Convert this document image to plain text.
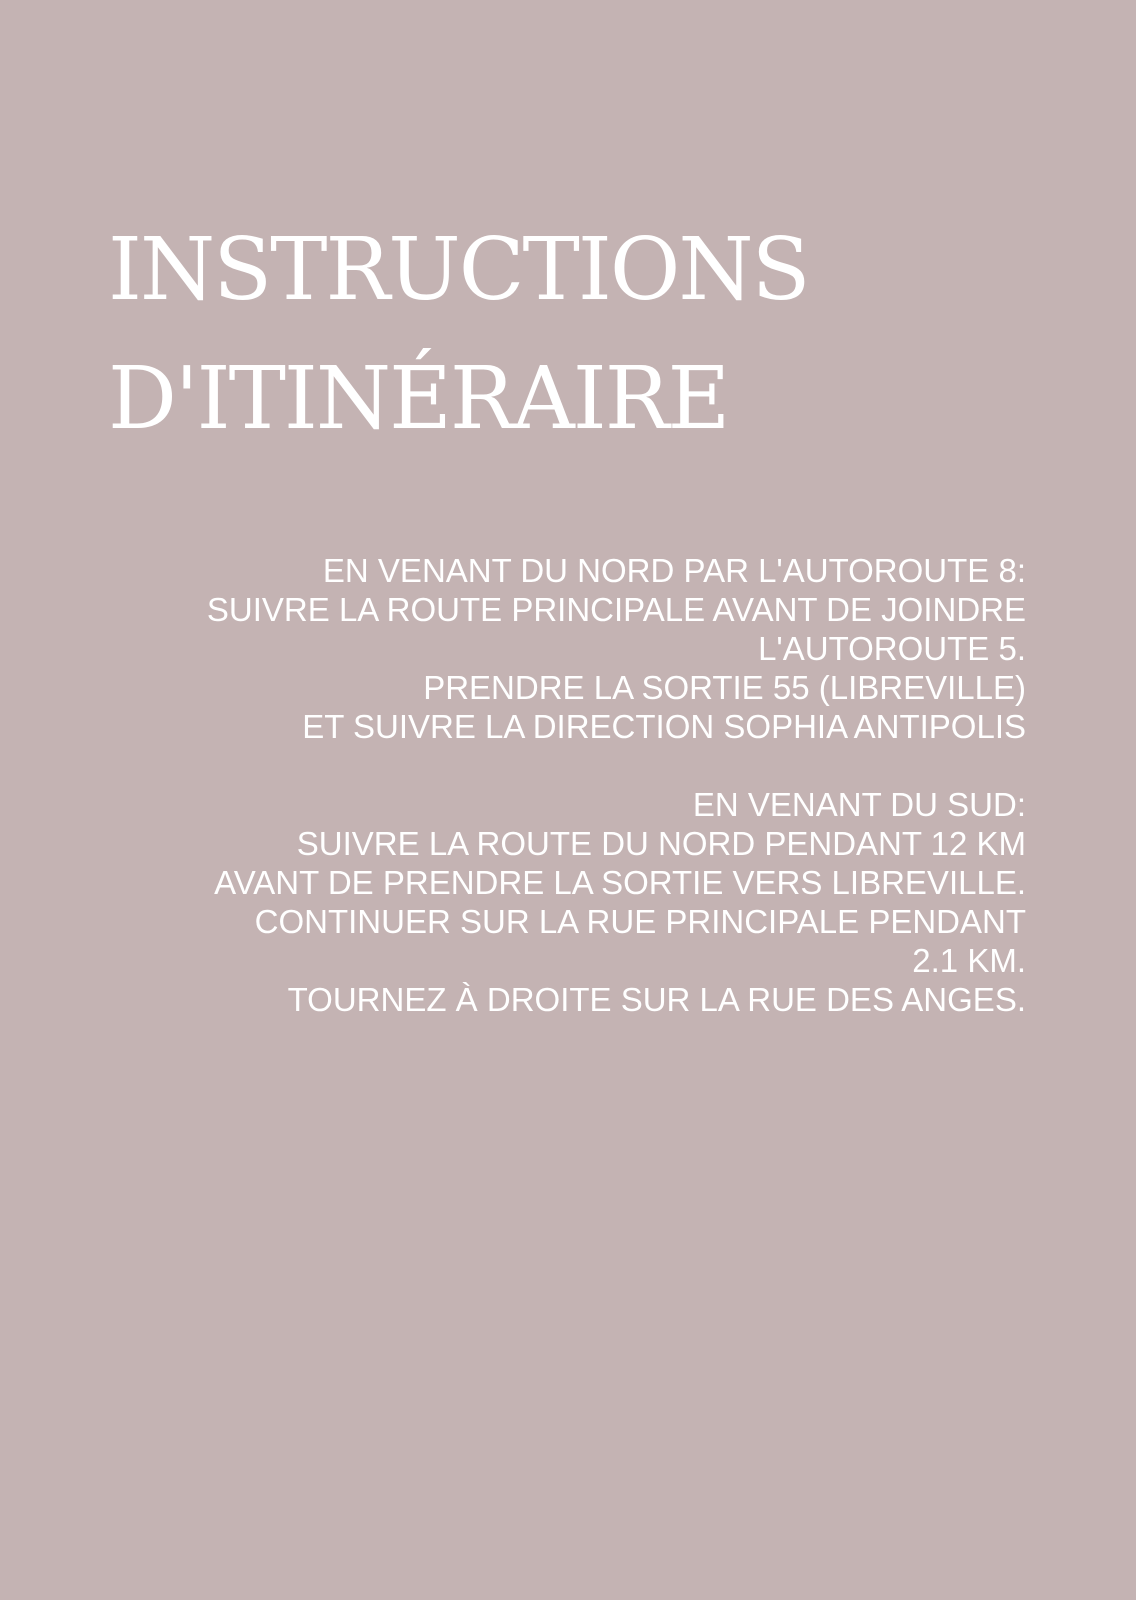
INSTRUCTIONS
D'ITINÉRAIRE
EN VENANT DU NORD PAR L'AUTOROUTE 8:
SUIVRE LA ROUTE PRINCIPALE AVANT DE JOINDRE
L'AUTOROUTE 5.
PRENDRE LA SORTIE 55 (LIBREVILLE)
ET SUIVRE LA DIRECTION SOPHIA ANTIPOLIS
EN VENANT DU SUD:
SUIVRE LA ROUTE DU NORD PENDANT 12 KM
AVANT DE PRENDRE LA SORTIE VERS LIBREVILLE.
CONTINUER SUR LA RUE PRINCIPALE PENDANT
2.1 KM.
TOURNEZ À DROITE SUR LA RUE DES ANGES.
